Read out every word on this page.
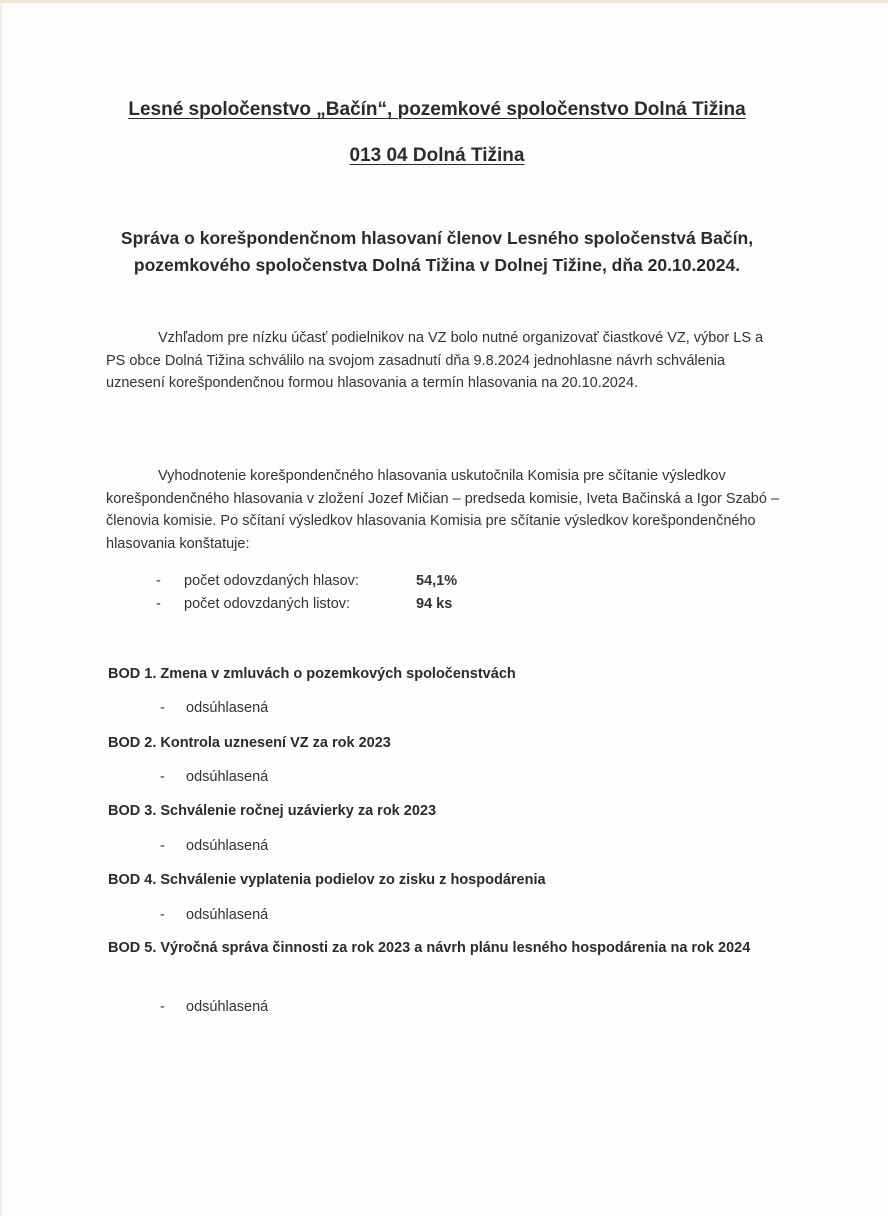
Lesné spoločenstvo „Bačín“, pozemkové spoločenstvo Dolná Tižina
013 04 Dolná Tižina
Správa o korešpondenčnom hlasovaní členov Lesného spoločenstvá Bačín,
pozemkového spoločenstva Dolná Tižina v Dolnej Tižine, dňa 20.10.2024.
Vzhľadom pre nízku účasť podielnikov na VZ bolo nutné organizovať čiastkové VZ, výbor LS a PS obce Dolná Tižina schválilo na svojom zasadnutí dňa 9.8.2024 jednohlasne návrh schválenia uznesení korešpondenčnou formou hlasovania a termín hlasovania na 20.10.2024.
Vyhodnotenie korešpondenčného hlasovania uskutočnila Komisia pre sčítanie výsledkov korešpondenčného hlasovania v zložení Jozef Mičian – predseda komisie, Iveta Bačinská a Igor Szabó – členovia komisie. Po sčítaní výsledkov hlasovania Komisia pre sčítanie výsledkov korešpondenčného hlasovania konštatuje:
- počet odovzdaných hlasov:	54,1%
- počet odovzdaných listov:	94 ks
BOD 1. Zmena v zmluvách o pozemkových spoločenstvách
- odsúhlasená
BOD 2. Kontrola uznesení VZ za rok 2023
- odsúhlasená
BOD 3. Schválenie ročnej uzávierky za rok 2023
- odsúhlasená
BOD 4. Schválenie vyplatenia podielov zo zisku z hospodárenia
- odsúhlasená
BOD 5. Výročná správa činnosti za rok 2023 a návrh plánu lesného hospodárenia na rok 2024
- odsúhlasená
